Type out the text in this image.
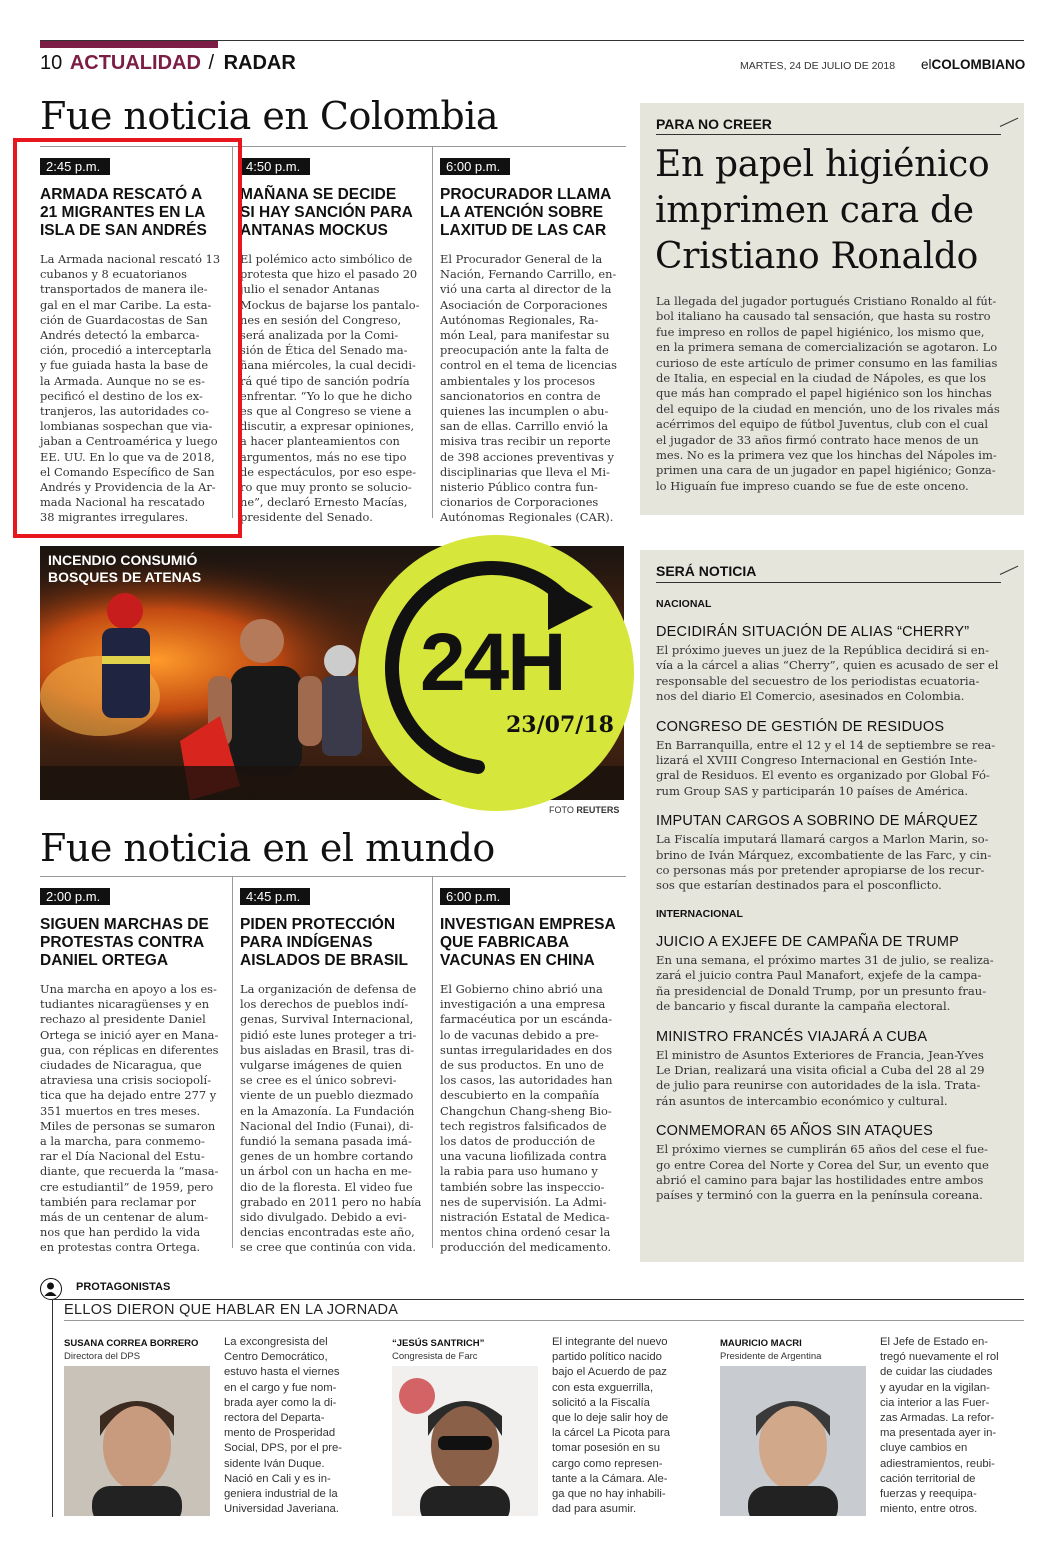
10 ACTUALIDAD / RADAR	MARTES, 24 DE JULIO DE 2018 elCOLOMBIANO
Fue noticia en Colombia
2:45 p.m.
ARMADA RESCATÓ A
21 MIGRANTES EN LA
ISLA DE SAN ANDRÉS
La Armada nacional rescató 13
cubanos y 8 ecuatorianos
transportados de manera ile-
gal en el mar Caribe. La esta-
ción de Guardacostas de San
Andrés detectó la embarca-
ción, procedió a interceptarla
y fue guiada hasta la base de
la Armada. Aunque no se es-
pecificó el destino de los ex-
tranjeros, las autoridades co-
lombianas sospechan que via-
jaban a Centroamérica y luego
EE. UU. En lo que va de 2018,
el Comando Específico de San
Andrés y Providencia de la Ar-
mada Nacional ha rescatado
38 migrantes irregulares.
4:50 p.m.
MAÑANA SE DECIDE
SI HAY SANCIÓN PARA
ANTANAS MOCKUS
El polémico acto simbólico de
protesta que hizo el pasado 20
julio el senador Antanas
Mockus de bajarse los pantalo-
nes en sesión del Congreso,
será analizada por la Comi-
sión de Ética del Senado ma-
ñana miércoles, la cual decidi-
rá qué tipo de sanción podría
enfrentar. “Yo lo que he dicho
es que al Congreso se viene a
discutir, a expresar opiniones,
a hacer planteamientos con
argumentos, más no ese tipo
de espectáculos, por eso espe-
ro que muy pronto se solucio-
ne”, declaró Ernesto Macías,
presidente del Senado.
6:00 p.m.
PROCURADOR LLAMA
LA ATENCIÓN SOBRE
LAXITUD DE LAS CAR
El Procurador General de la
Nación, Fernando Carrillo, en-
vió una carta al director de la
Asociación de Corporaciones
Autónomas Regionales, Ra-
món Leal, para manifestar su
preocupación ante la falta de
control en el tema de licencias
ambientales y los procesos
sancionatorios en contra de
quienes las incumplen o abu-
san de ellas. Carrillo envió la
misiva tras recibir un reporte
de 398 acciones preventivas y
disciplinarias que lleva el Mi-
nisterio Público contra fun-
cionarios de Corporaciones
Autónomas Regionales (CAR).
PARA NO CREER
En papel higiénico
imprimen cara de
Cristiano Ronaldo
La llegada del jugador portugués Cristiano Ronaldo al fút-
bol italiano ha causado tal sensación, que hasta su rostro
fue impreso en rollos de papel higiénico, los mismo que,
en la primera semana de comercialización se agotaron. Lo
curioso de este artículo de primer consumo en las familias
de Italia, en especial en la ciudad de Nápoles, es que los
que más han comprado el papel higiénico son los hinchas
del equipo de la ciudad en mención, uno de los rivales más
acérrimos del equipo de fútbol Juventus, club con el cual
el jugador de 33 años firmó contrato hace menos de un
mes. No es la primera vez que los hinchas del Nápoles im-
primen una cara de un jugador en papel higiénico; Gonza-
lo Higuaín fue impreso cuando se fue de este onceno.
INCENDIO CONSUMIÓ
BOSQUES DE ATENAS
24H
23/07/18
FOTO REUTERS
Fue noticia en el mundo
2:00 p.m.
SIGUEN MARCHAS DE
PROTESTAS CONTRA
DANIEL ORTEGA
Una marcha en apoyo a los es-
tudiantes nicaragüenses y en
rechazo al presidente Daniel
Ortega se inició ayer en Mana-
gua, con réplicas en diferentes
ciudades de Nicaragua, que
atraviesa una crisis sociopolí-
tica que ha dejado entre 277 y
351 muertos en tres meses.
Miles de personas se sumaron
a la marcha, para conmemo-
rar el Día Nacional del Estu-
diante, que recuerda la “masa-
cre estudiantil” de 1959, pero
también para reclamar por
más de un centenar de alum-
nos que han perdido la vida
en protestas contra Ortega.
4:45 p.m.
PIDEN PROTECCIÓN
PARA INDÍGENAS
AISLADOS DE BRASIL
La organización de defensa de
los derechos de pueblos indí-
genas, Survival Internacional,
pidió este lunes proteger a tri-
bus aisladas en Brasil, tras di-
vulgarse imágenes de quien
se cree es el único sobrevi-
viente de un pueblo diezmado
en la Amazonía. La Fundación
Nacional del Indio (Funai), di-
fundió la semana pasada imá-
genes de un hombre cortando
un árbol con un hacha en me-
dio de la floresta. El video fue
grabado en 2011 pero no había
sido divulgado. Debido a evi-
dencias encontradas este año,
se cree que continúa con vida.
6:00 p.m.
INVESTIGAN EMPRESA
QUE FABRICABA
VACUNAS EN CHINA
El Gobierno chino abrió una
investigación a una empresa
farmacéutica por un escánda-
lo de vacunas debido a pre-
suntas irregularidades en dos
de sus productos. En uno de
los casos, las autoridades han
descubierto en la compañía
Changchun Chang-sheng Bio-
tech registros falsificados de
los datos de producción de
una vacuna liofilizada contra
la rabia para uso humano y
también sobre las inspeccio-
nes de supervisión. La Admi-
nistración Estatal de Medica-
mentos china ordenó cesar la
producción del medicamento.
SERÁ NOTICIA
NACIONAL
DECIDIRÁN SITUACIÓN DE ALIAS “CHERRY”
El próximo jueves un juez de la República decidirá si en-
vía a la cárcel a alias “Cherry”, quien es acusado de ser el
responsable del secuestro de los periodistas ecuatoria-
nos del diario El Comercio, asesinados en Colombia.
CONGRESO DE GESTIÓN DE RESIDUOS
En Barranquilla, entre el 12 y el 14 de septiembre se rea-
lizará el XVIII Congreso Internacional en Gestión Inte-
gral de Residuos. El evento es organizado por Global Fó-
rum Group SAS y participarán 10 países de América.
IMPUTAN CARGOS A SOBRINO DE MÁRQUEZ
La Fiscalía imputará llamará cargos a Marlon Marin, so-
brino de Iván Márquez, excombatiente de las Farc, y cin-
co personas más por pretender apropiarse de los recur-
sos que estarían destinados para el posconflicto.
INTERNACIONAL
JUICIO A EXJEFE DE CAMPAÑA DE TRUMP
En una semana, el próximo martes 31 de julio, se realiza-
zará el juicio contra Paul Manafort, exjefe de la campa-
ña presidencial de Donald Trump, por un presunto frau-
de bancario y fiscal durante la campaña electoral.
MINISTRO FRANCÉS VIAJARÁ A CUBA
El ministro de Asuntos Exteriores de Francia, Jean-Yves
Le Drian, realizará una visita oficial a Cuba del 28 al 29
de julio para reunirse con autoridades de la isla. Trata-
rán asuntos de intercambio económico y cultural.
CONMEMORAN 65 AÑOS SIN ATAQUES
El próximo viernes se cumplirán 65 años del cese el fue-
go entre Corea del Norte y Corea del Sur, un evento que
abrió el camino para bajar las hostilidades entre ambos
países y terminó con la guerra en la península coreana.
PROTAGONISTAS
ELLOS DIERON QUE HABLAR EN LA JORNADA
SUSANA CORREA BORRERO
Directora del DPS
La excongresista del
Centro Democrático,
estuvo hasta el viernes
en el cargo y fue nom-
brada ayer como la di-
rectora del Departa-
mento de Prosperidad
Social, DPS, por el pre-
sidente Iván Duque.
Nació en Cali y es in-
geniera industrial de la
Universidad Javeriana.
“JESÚS SANTRICH”
Congresista de Farc
El integrante del nuevo
partido político nacido
bajo el Acuerdo de paz
con esta exguerrilla,
solicitó a la Fiscalía
que lo deje salir hoy de
la cárcel La Picota para
tomar posesión en su
cargo como represen-
tante a la Cámara. Ale-
ga que no hay inhabili-
dad para asumir.
MAURICIO MACRI
Presidente de Argentina
El Jefe de Estado en-
tregó nuevamente el rol
de cuidar las ciudades
y ayudar en la vigilan-
cia interior a las Fuer-
zas Armadas. La refor-
ma presentada ayer in-
cluye cambios en
adiestramientos, reubi-
cación territorial de
fuerzas y reequipa-
miento, entre otros.
